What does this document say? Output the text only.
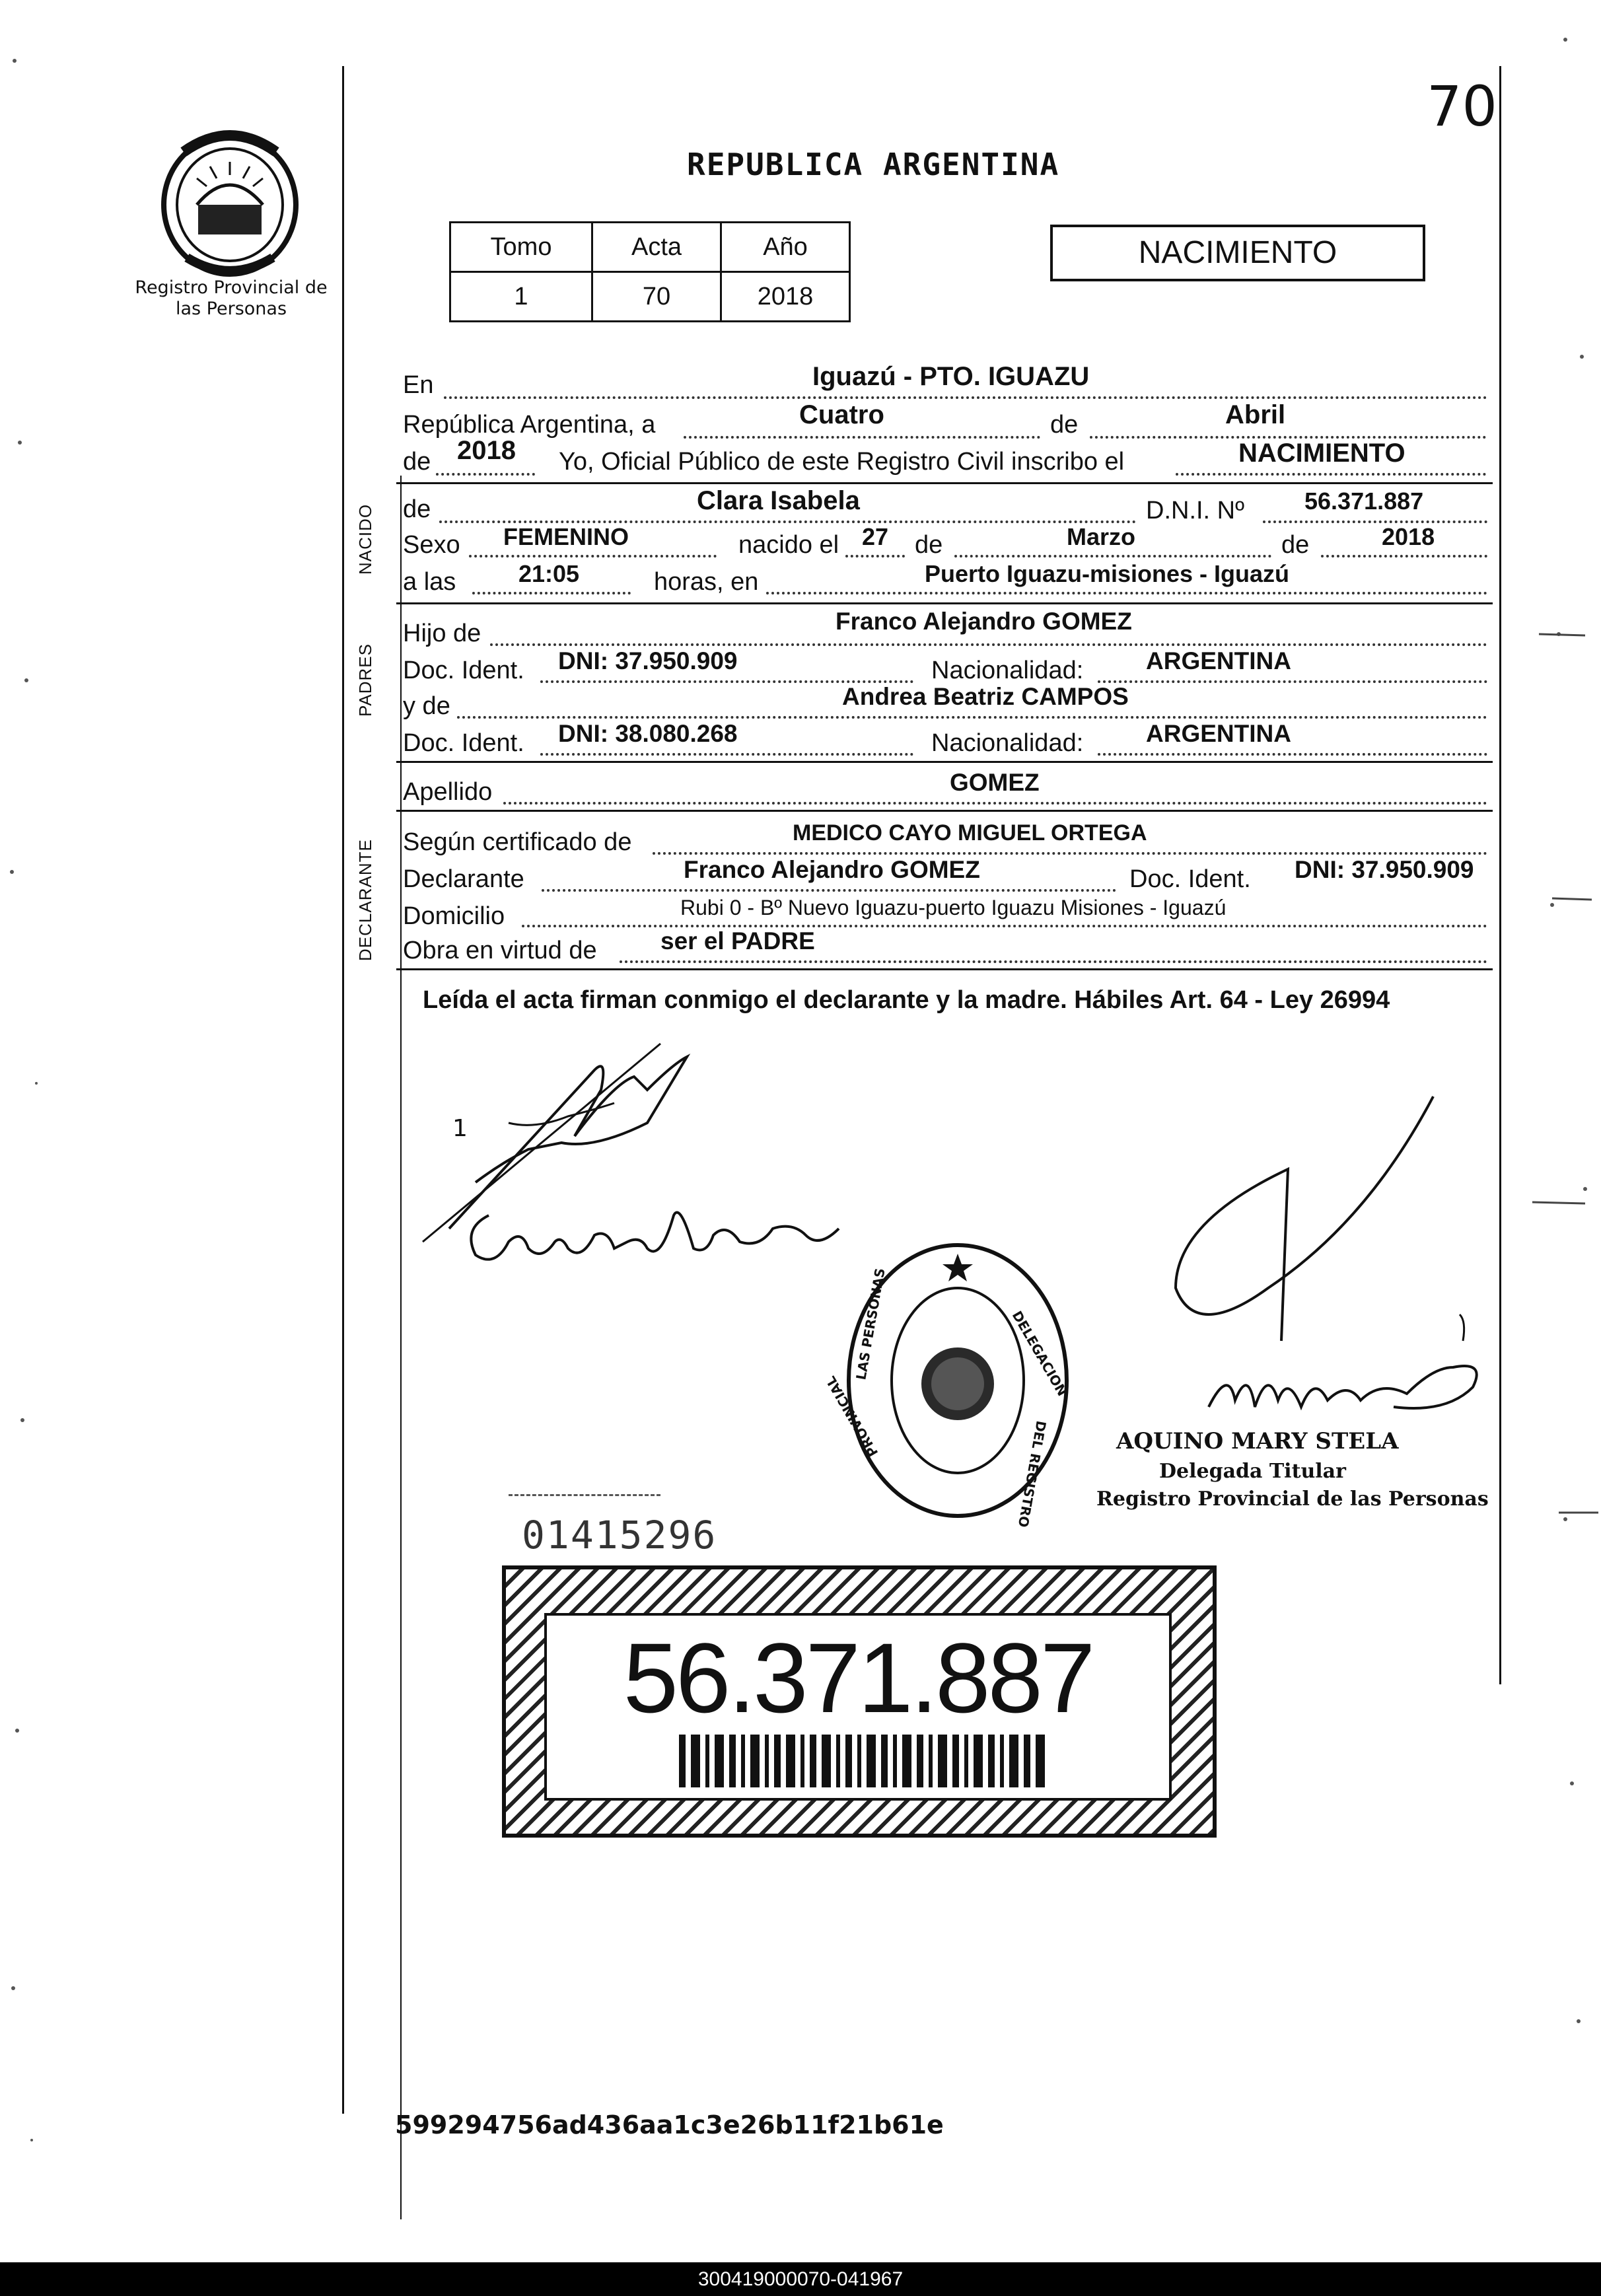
70
Registro Provincial de las Personas
REPUBLICA ARGENTINA
Tomo	Acta	Año
1	70	2018
NACIMIENTO
En	Iguazú - PTO. IGUAZU
República Argentina, a	Cuatro	de	Abril
de 2018 Yo, Oficial Público de este Registro Civil inscribo el	NACIMIENTO
NACIDO de	Clara Isabela	D.N.I. Nº	56.371.887
Sexo FEMENINO	nacido el 27 de	Marzo	de	2018
a las	21:05	horas, en	Puerto Iguazu-misiones - Iguazú
PADRES
Hijo de	Franco Alejandro GOMEZ
Doc. Ident. DNI: 37.950.909	Nacionalidad:	ARGENTINA
y de	Andrea Beatriz CAMPOS
Doc. Ident. DNI: 38.080.268	Nacionalidad:	ARGENTINA
Apellido	GOMEZ
DECLARANTE Según certificado de	MEDICO CAYO MIGUEL ORTEGA
Declarante	Franco Alejandro GOMEZ	Doc. Ident. DNI: 37.950.909
Domicilio	Rubi 0 - Bº Nuevo Iguazu-puerto Iguazu Misiones - Iguazú
Obra en virtud de	ser el PADRE
Leída el acta firman conmigo el declarante y la madre. Hábiles Art. 64 - Ley 26994
1
DELEGACION
DEL REGISTRO
PROVINCIAL
LAS PERSONAS
AQUINO MARY STELA
Delegada Titular
Registro Provincial de las Personas
01415296
56.371.887
599294756ad436aa1c3e26b11f21b61e
300419000070-041967
